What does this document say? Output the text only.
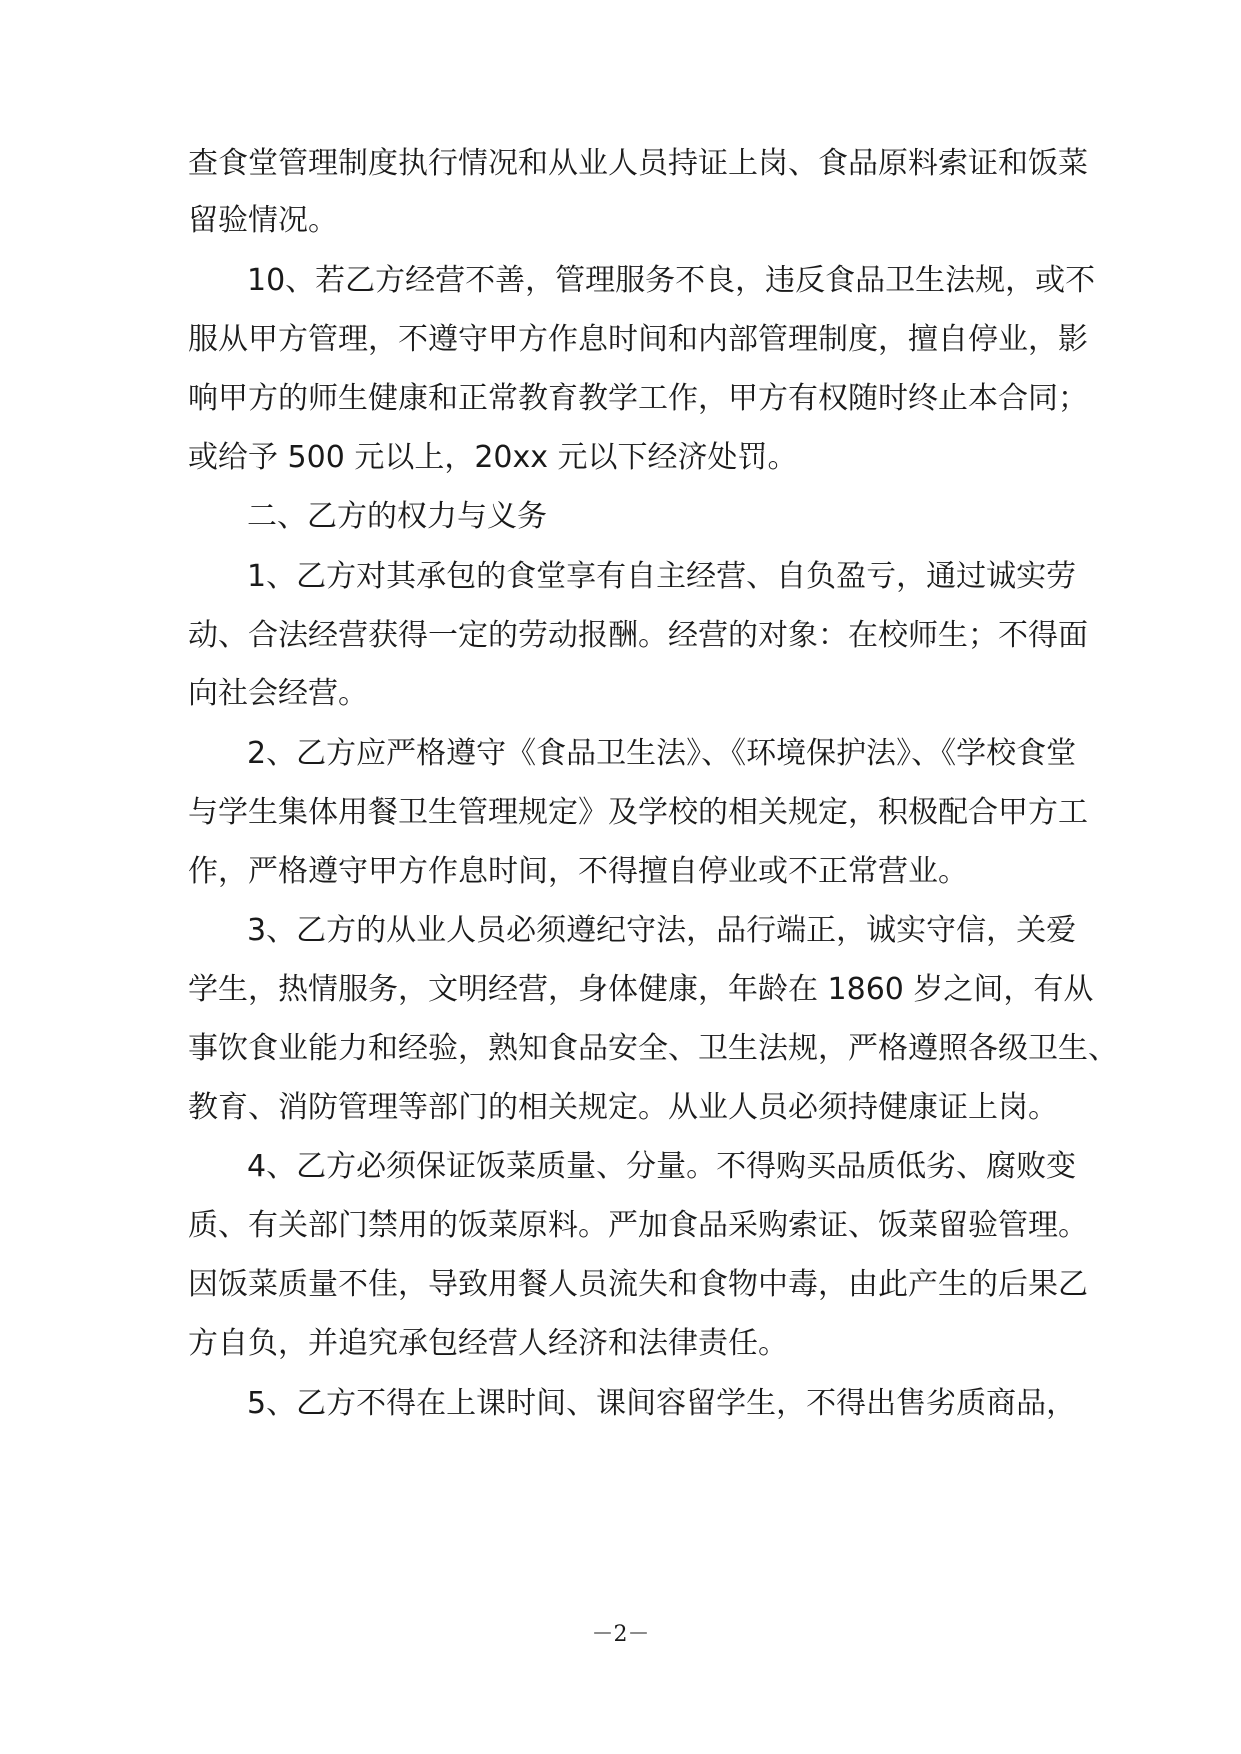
查食堂管理制度执行情况和从业人员持证上岗、食品原料索证和饭菜
留验情况。
10、若乙方经营不善，管理服务不良，违反食品卫生法规，或不
服从甲方管理，不遵守甲方作息时间和内部管理制度，擅自停业，影
响甲方的师生健康和正常教育教学工作，甲方有权随时终止本合同；
或给予 500 元以上，20xx 元以下经济处罚。
二、乙方的权力与义务
1、乙方对其承包的食堂享有自主经营、自负盈亏，通过诚实劳
动、合法经营获得一定的劳动报酬。经营的对象：在校师生；不得面
向社会经营。
2、乙方应严格遵守《食品卫生法》、《环境保护法》、《学校食堂
与学生集体用餐卫生管理规定》及学校的相关规定，积极配合甲方工
作，严格遵守甲方作息时间，不得擅自停业或不正常营业。
3、乙方的从业人员必须遵纪守法，品行端正，诚实守信，关爱
学生，热情服务，文明经营，身体健康，年龄在 1860 岁之间，有从
事饮食业能力和经验，熟知食品安全、卫生法规，严格遵照各级卫生、
教育、消防管理等部门的相关规定。从业人员必须持健康证上岗。
4、乙方必须保证饭菜质量、分量。不得购买品质低劣、腐败变
质、有关部门禁用的饭菜原料。严加食品采购索证、饭菜留验管理。
因饭菜质量不佳，导致用餐人员流失和食物中毒，由此产生的后果乙
方自负，并追究承包经营人经济和法律责任。
5、乙方不得在上课时间、课间容留学生，不得出售劣质商品，
－2－
